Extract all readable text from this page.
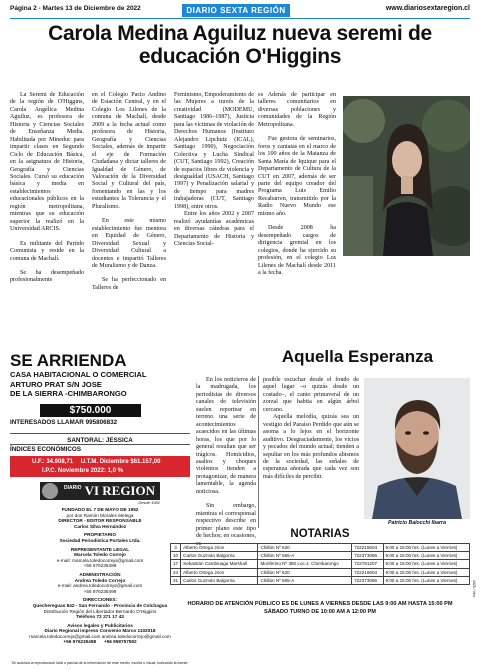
Página 2 - Martes 13 de Diciembre de 2022	DIARIO SEXTA REGIÓN	www.diariosextaregion.cl
Carola Medina Aguiluz nueva seremi de educación O'Higgins

La Seremi de Educación de la región de O'Higgins, Carola Angélica Medina Aguiluz, es profesora de Historia y Ciencias Sociales de Enseñanza Media. Habilitada por Mineduc para impartir clases en Segundo Ciclo de Educación Básica, en la asignatura de Historia, Geografía y Ciencias Sociales. Cursó su educación básica y media en establecimientos educacionales públicos en la región metropolitana, mientras que su educación superior la realizó en la Universidad ARCIS.

Es militante del Partido Comunista y reside en la comuna de Machalí.

Se ha desempeñado profesionalmente

en el Colegio Pacto Andino de Estación Central, y en el Colegio Los Lilenes de la comuna de Machalí, desde 2009 a la fecha actual como profesora de Historia, Geografía y Ciencias Sociales, además de impartir el eje de Formación Ciudadana y dictar talleres de Igualdad de Género, de Valoración de la Diversidad Social y Cultural del país, fomentando en las y los estudiantes la Tolerancia y el Pluralismo.

En este mismo establecimiento fue mentora en Equidad de Género, Diversidad Sexual y Diversidad Cultural a docentes e impartió Talleres de Muralismo y de Danza.

Se ha perfeccionado en Talleres de

Feminismo, Empoderamiento de las Mujeres a través de la creatividad (MODEMU, Santiago 1986–1987), Justicia para las víctimas de violación de Derechos Humanos (Instituto Alejandro Lipchutz (ICAL), Santiago 1990), Negociación Colectiva y Lucha Sindical (CUT, Santiago 1992), Creación de espacios libres de violencia y desigualdad (USACH, Santiago 1997) y Penalización salarial y de tiempo para madres trabajadoras (CUT, Santiago 1998), entre otros.

Entre los años 2002 y 2007 realizó ayudantías académicas en diversas cátedras para el Departamento de Historia y Ciencias Social-

es Adenás de participar en talleres comunitarios en diversas poblaciones y comunidades de la Región Metropolitana.

Fue gestora de seminarios, foros y cantatas en el marco de los 100 años de la Matanza de Santa María de Iquique para el Departamento de Cultura de la CUT en 2007, además de ser parte del equipo creador del Programa Luis Emilio Recabarren, transmitido por la Radio Nuevo Mundo ese mismo año.

Desde 2008 ha desempeñado cargos de dirigencia gremial en los colegios, donde ha ejercido su profesión, en el colegio Los Lilenes de Machalí desde 2011 a la fecha.

SE ARRIENDA
CASA HABITACIONAL O COMERCIAL
ARTURO PRAT S/N JOSE
DE LA SIERRA -CHIMBARONGO
$750.000
INTERESADOS LLAMAR 995806832
SANTORAL: JESSICA
ÍNDICES ECONÓMICOS
U.F.: 34.908,71 U.T.M. Diciembre $61.157,00
I.P.C. Noviembre 2022: 1,0 %
VI REGION
DIARIO
Desde 1952
FUNDADO EL 7 DE MAYO DE 1952
por don Ramón Morales Melega
DIRECTOR - EDITOR RESPONSABLE
Carlos Silva Hernández
PROPIETARIO
Sociedad Periodística Portales Ltda.
REPRESENTANTE LEGAL
Marcela Toledo Correjo
e-mail: marcela.toledocorrejo@gmail.com
+56 976235498
ADMINISTRACIÓN
Andrea Toledo Correjo
e-mail: andrea.toledocorrejo@gmail.com
+56 976235499
DIRECCIONES:
Quechereguas 842 - San Fernando - Provincia de Colchagua
Distribución Región del Libertador Bernardo O'Higgins
Teléfono 72 271 17 43
Avisos legales y Publicitarios
Diario Regional impreso Convenio Marco 1102018
marcela.toledocorrejo@gmail.com andrea.toledocorrejo@gmail.com
+56 976235498 +56 958757592
Se autoriza la reproducción total o parcial de la información de este medio, escrita u visual, indicando la fuente.
Aquella Esperanza

En los noticieros de la madrugada, los periodistas de diversos canales de televisión suelen reportear en terreno una serie de acontecimientos acaecidos en las últimas horas, los que por lo general resultan que ser trágicos. Homicidios, asaltos y choques violentos tienden a protagonizar, de manera lamentable, la agenda noticiosa.

Sin embargo, mientras el corresponsal respectivo describe en primer plano este tipo de hechos; en ocasiones, es

posible escuchar desde el fondo de aquel lugar –o quizás desde un costado–, el canto primaveral de un zorzal que habita en algún árbol cercano.

Aquella melodía, quizás sea un vestigio del Paraíso Perdido que aún se asoma a lo lejos en el horizonte auditivo. Desgraciadamente, los vicios y pecados del mundo actual; tienden a sepultar en los más profundos abismos de la sociedad, las señales de esperanza añorada que cada vez son más difíciles de percibir.

Patricio Balocchi Ibarra
NOTARIAS
3	Alberto Ortega Jiron	Chillán Nº 620	722216604	9:00 a 15:00 hrs. (Lunes a Viernes)
10	Carlos Guzmán Balgorria	Chillán Nº 565-A	722373066	9:00 a 15:00 hrs. (Lunes a Viernes)
17	Sebastián Cambiuaga Marshall	Monferino Nº 380 Loc.4. Chimbarongo	722781207	9:00 a 15:00 hrs. (Lunes a Viernes)
24	Alberto Ortega Jiron	Chillán Nº 620	722216604	9:00 a 15:00 hrs. (Lunes a Viernes)
31	Carlos Guzmán Balgorria	Chillán Nº 565-A	722373066	9:00 a 15:00 hrs. (Lunes a Viernes)
HORARIO DE ATENCIÓN PÚBLICO ES DE LUNES A VIERNES DESDE LAS 9:00 AM HASTA 15:00 PM
SÁBADO TURNO DE 10:00 AM A 12:00 PM
1325 / Ven
